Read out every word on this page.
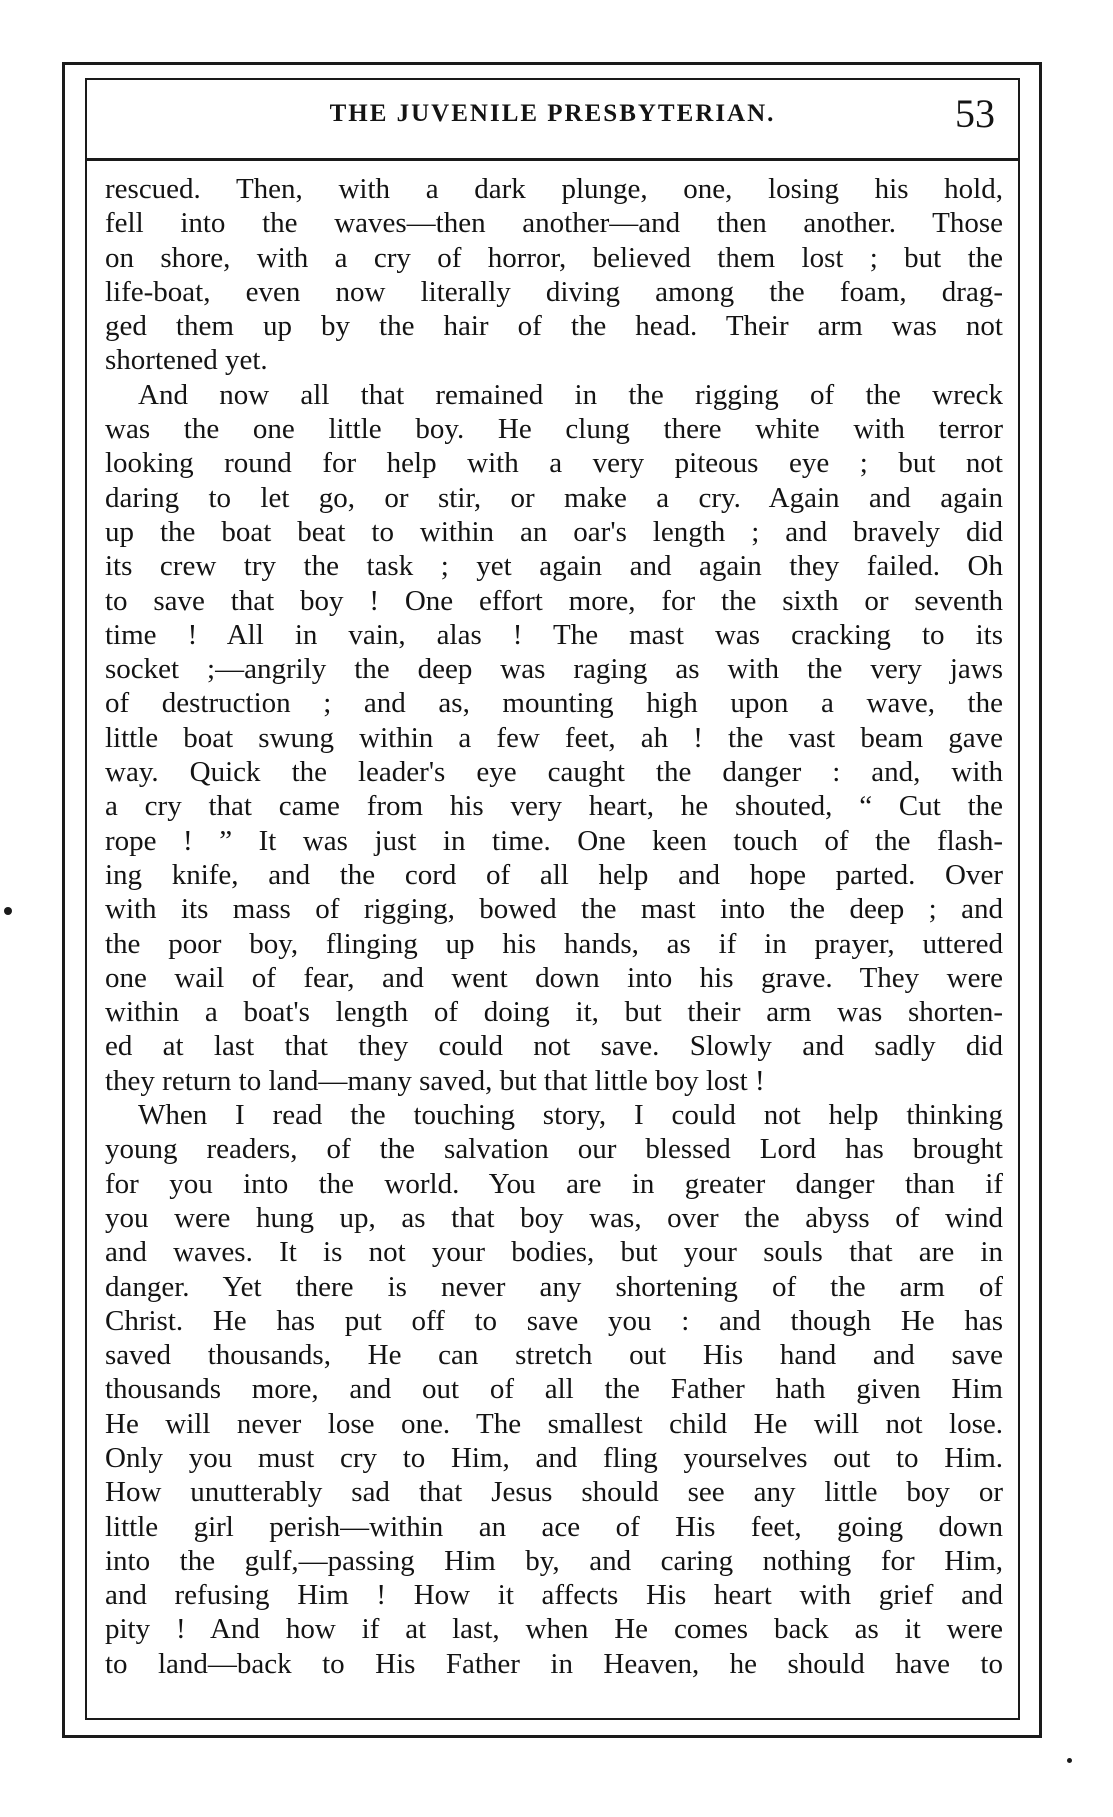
THE JUVENILE PRESBYTERIAN.	53
rescued. Then, with a dark plunge, one, losing his hold,
fell into the waves—then another—and then another. Those
on shore, with a cry of horror, believed them lost ; but the
life-boat, even now literally diving among the foam, drag-
ged them up by the hair of the head. Their arm was not
shortened yet.
And now all that remained in the rigging of the wreck
was the one little boy. He clung there white with terror
looking round for help with a very piteous eye ; but not
daring to let go, or stir, or make a cry. Again and again
up the boat beat to within an oar's length ; and bravely did
its crew try the task ; yet again and again they failed. Oh
to save that boy ! One effort more, for the sixth or seventh
time ! All in vain, alas ! The mast was cracking to its
socket ;—angrily the deep was raging as with the very jaws
of destruction ; and as, mounting high upon a wave, the
little boat swung within a few feet, ah ! the vast beam gave
way. Quick the leader's eye caught the danger : and, with
a cry that came from his very heart, he shouted, “ Cut the
rope ! ” It was just in time. One keen touch of the flash-
ing knife, and the cord of all help and hope parted. Over
with its mass of rigging, bowed the mast into the deep ; and
the poor boy, flinging up his hands, as if in prayer, uttered
one wail of fear, and went down into his grave. They were
within a boat's length of doing it, but their arm was shorten-
ed at last that they could not save. Slowly and sadly did
they return to land—many saved, but that little boy lost !
When I read the touching story, I could not help thinking
young readers, of the salvation our blessed Lord has brought
for you into the world. You are in greater danger than if
you were hung up, as that boy was, over the abyss of wind
and waves. It is not your bodies, but your souls that are in
danger. Yet there is never any shortening of the arm of
Christ. He has put off to save you : and though He has
saved thousands, He can stretch out His hand and save
thousands more, and out of all the Father hath given Him
He will never lose one. The smallest child He will not lose.
Only you must cry to Him, and fling yourselves out to Him.
How unutterably sad that Jesus should see any little boy or
little girl perish—within an ace of His feet, going down
into the gulf,—passing Him by, and caring nothing for Him,
and refusing Him ! How it affects His heart with grief and
pity ! And how if at last, when He comes back as it were
to land—back to His Father in Heaven, he should have to
